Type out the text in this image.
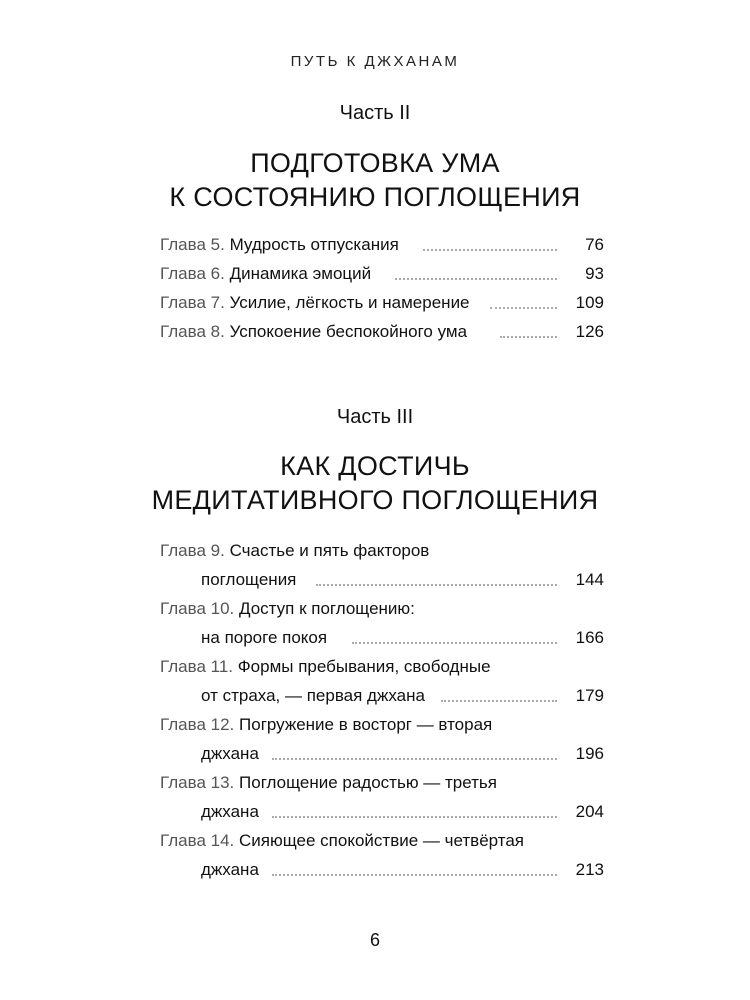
ПУТЬ К ДЖХАНАМ
Часть II
ПОДГОТОВКА УМА
К СОСТОЯНИЮ ПОГЛОЩЕНИЯ
Глава 5. Мудрость отпускания	76
Глава 6. Динамика эмоций	93
Глава 7. Усилие, лёгкость и намерение	109
Глава 8. Успокоение беспокойного ума	126
Часть III
КАК ДОСТИЧЬ
МЕДИТАТИВНОГО ПОГЛОЩЕНИЯ
Глава 9. Счастье и пять факторов
поглощения	144
Глава 10. Доступ к поглощению:
на пороге покоя	166
Глава 11. Формы пребывания, свободные
от страха, — первая джхана	179
Глава 12. Погружение в восторг — вторая
джхана	196
Глава 13. Поглощение радостью — третья
джхана	204
Глава 14. Сияющее спокойствие — четвёртая
джхана	213
6
